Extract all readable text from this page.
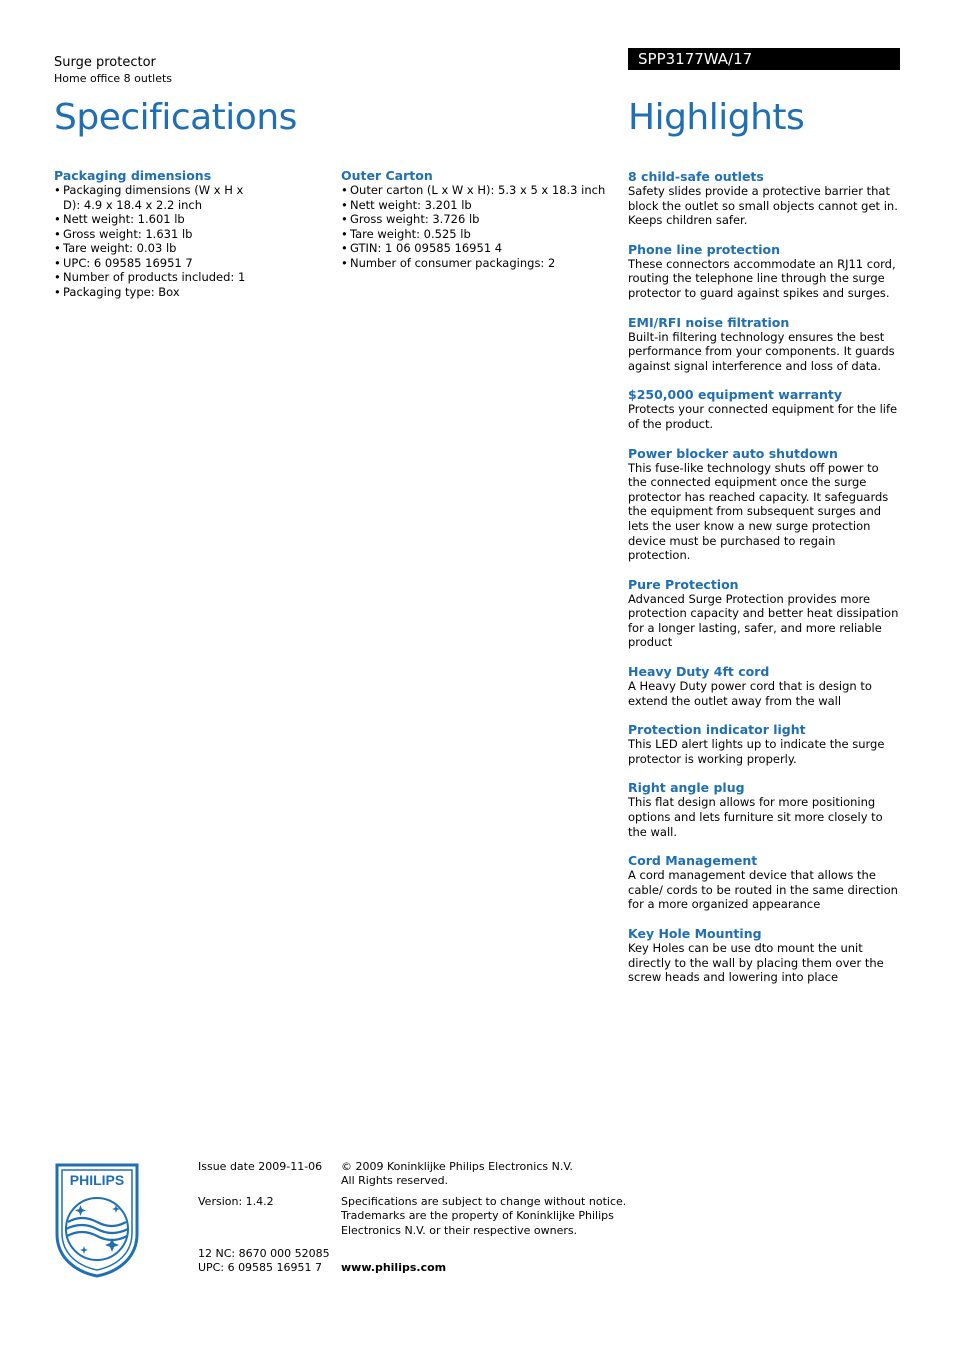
Surge protector
Home office 8 outlets
Specifications
SPP3177WA/17
Highlights
Packaging dimensions
• Packaging dimensions (W x H x D): 4.9 x 18.4 x 2.2 inch
• Nett weight: 1.601 lb
• Gross weight: 1.631 lb
• Tare weight: 0.03 lb
• UPC: 6 09585 16951 7
• Number of products included: 1
• Packaging type: Box
Outer Carton
• Outer carton (L x W x H): 5.3 x 5 x 18.3 inch
• Nett weight: 3.201 lb
• Gross weight: 3.726 lb
• Tare weight: 0.525 lb
• GTIN: 1 06 09585 16951 4
• Number of consumer packagings: 2
8 child-safe outlets
Safety slides provide a protective barrier that block the outlet so small objects cannot get in. Keeps children safer.
Phone line protection
These connectors accommodate an RJ11 cord, routing the telephone line through the surge protector to guard against spikes and surges.
EMI/RFI noise filtration
Built-in filtering technology ensures the best performance from your components. It guards against signal interference and loss of data.
$250,000 equipment warranty
Protects your connected equipment for the life of the product.
Power blocker auto shutdown
This fuse-like technology shuts off power to the connected equipment once the surge protector has reached capacity. It safeguards the equipment from subsequent surges and lets the user know a new surge protection device must be purchased to regain protection.
Pure Protection
Advanced Surge Protection provides more protection capacity and better heat dissipation for a longer lasting, safer, and more reliable product
Heavy Duty 4ft cord
A Heavy Duty power cord that is design to extend the outlet away from the wall
Protection indicator light
This LED alert lights up to indicate the surge protector is working properly.
Right angle plug
This flat design allows for more positioning options and lets furniture sit more closely to the wall.
Cord Management
A cord management device that allows the cable/ cords to be routed in the same direction for a more organized appearance
Key Hole Mounting
Key Holes can be use dto mount the unit directly to the wall by placing them over the screw heads and lowering into place
PHILIPS
Issue date 2009-11-06
Version: 1.4.2
12 NC: 8670 000 52085
UPC: 6 09585 16951 7
© 2009 Koninklijke Philips Electronics N.V.
All Rights reserved.
Specifications are subject to change without notice.
Trademarks are the property of Koninklijke Philips
Electronics N.V. or their respective owners.
www.philips.com
